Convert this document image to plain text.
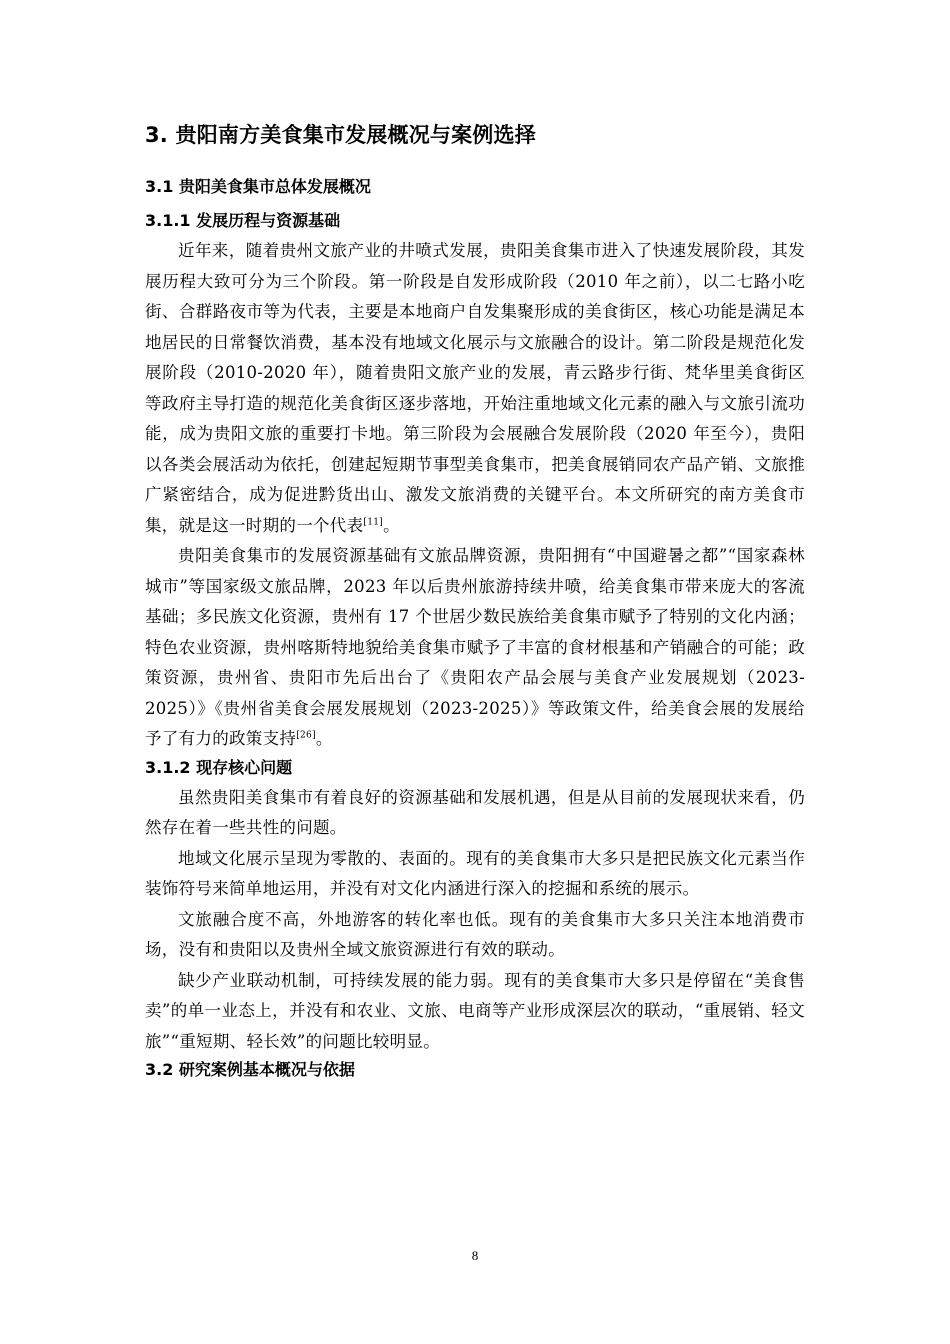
3. 贵阳南方美食集市发展概况与案例选择
3.1 贵阳美食集市总体发展概况
3.1.1 发展历程与资源基础

近年来，随着贵州文旅产业的井喷式发展，贵阳美食集市进入了快速发展阶段，其发展历程大致可分为三个阶段。第一阶段是自发形成阶段（2010 年之前），以二七路小吃街、合群路夜市等为代表，主要是本地商户自发集聚形成的美食街区，核心功能是满足本地居民的日常餐饮消费，基本没有地域文化展示与文旅融合的设计。第二阶段是规范化发展阶段（2010-2020 年），随着贵阳文旅产业的发展，青云路步行街、梵华里美食街区等政府主导打造的规范化美食街区逐步落地，开始注重地域文化元素的融入与文旅引流功能，成为贵阳文旅的重要打卡地。第三阶段为会展融合发展阶段（2020 年至今），贵阳以各类会展活动为依托，创建起短期节事型美食集市，把美食展销同农产品产销、文旅推广紧密结合，成为促进黔货出山、激发文旅消费的关键平台。本文所研究的南方美食市集，就是这一时期的一个代表[11]。

贵阳美食集市的发展资源基础有文旅品牌资源，贵阳拥有“中国避暑之都”“国家森林城市”等国家级文旅品牌，2023 年以后贵州旅游持续井喷，给美食集市带来庞大的客流基础；多民族文化资源，贵州有 17 个世居少数民族给美食集市赋予了特别的文化内涵；特色农业资源，贵州喀斯特地貌给美食集市赋予了丰富的食材根基和产销融合的可能；政策资源，贵州省、贵阳市先后出台了《贵阳农产品会展与美食产业发展规划（2023-2025）》《贵州省美食会展发展规划（2023-2025）》等政策文件，给美食会展的发展给予了有力的政策支持[26]。

3.1.2 现存核心问题

虽然贵阳美食集市有着良好的资源基础和发展机遇，但是从目前的发展现状来看，仍然存在着一些共性的问题。

地域文化展示呈现为零散的、表面的。现有的美食集市大多只是把民族文化元素当作装饰符号来简单地运用，并没有对文化内涵进行深入的挖掘和系统的展示。

文旅融合度不高，外地游客的转化率也低。现有的美食集市大多只关注本地消费市场，没有和贵阳以及贵州全域文旅资源进行有效的联动。

缺少产业联动机制，可持续发展的能力弱。现有的美食集市大多只是停留在“美食售卖”的单一业态上，并没有和农业、文旅、电商等产业形成深层次的联动，“重展销、轻文旅”“重短期、轻长效”的问题比较明显。

3.2 研究案例基本概况与依据
8
